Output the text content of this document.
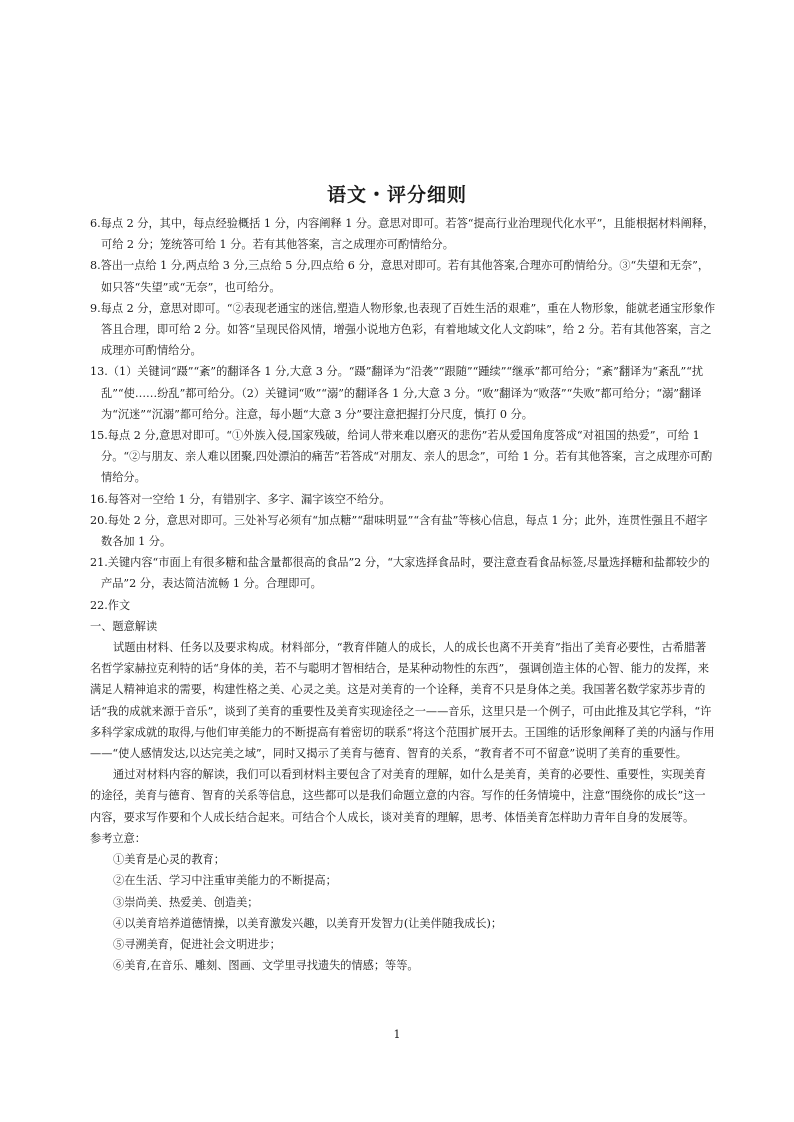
语文・评分细则

6.每点 2 分，其中，每点经验概括 1 分，内容阐释 1 分。意思对即可。若答“提高行业治理现代化水平”，且能根据材料阐释，可给 2 分；笼统答可给 1 分。若有其他答案，言之成理亦可酌情给分。

8.答出一点给 1 分,两点给 3 分,三点给 5 分,四点给 6 分，意思对即可。若有其他答案,合理亦可酌情给分。③“失望和无奈”，如只答“失望”或“无奈”，也可给分。

9.每点 2 分，意思对即可。“②表现老通宝的迷信,塑造人物形象,也表现了百姓生活的艰难”，重在人物形象，能就老通宝形象作答且合理，即可给 2 分。如答“呈现民俗风情，增强小说地方色彩，有着地域文化人文韵味”，给 2 分。若有其他答案，言之成理亦可酌情给分。

13.（1）关键词“蹑”“紊”的翻译各 1 分,大意 3 分。“蹑”翻译为“沿袭”“跟随”“踵续”“继承”都可给分；“紊”翻译为“紊乱”“扰乱”“使……纷乱”都可给分。（2）关键词“败”“溺”的翻译各 1 分,大意 3 分。“败”翻译为“败落”“失败”都可给分；“溺”翻译为“沉迷”“沉溺”都可给分。注意，每小题“大意 3 分”要注意把握打分尺度，慎打 0 分。

15.每点 2 分,意思对即可。“①外族入侵,国家残破，给词人带来难以磨灭的悲伤”若从爱国角度答成“对祖国的热爱”，可给 1 分。“②与朋友、亲人难以团聚,四处漂泊的痛苦”若答成“对朋友、亲人的思念”，可给 1 分。若有其他答案，言之成理亦可酌情给分。

16.每答对一空给 1 分，有错别字、多字、漏字该空不给分。

20.每处 2 分，意思对即可。三处补写必须有“加点糖”“甜味明显”“含有盐”等核心信息，每点 1 分；此外，连贯性强且不超字数各加 1 分。

21.关键内容“市面上有很多糖和盐含量都很高的食品”2 分，“大家选择食品时，要注意查看食品标签,尽量选择糖和盐都较少的产品”2 分，表达简洁流畅 1 分。合理即可。

22.作文

一、题意解读

试题由材料、任务以及要求构成。材料部分，“教育伴随人的成长，人的成长也离不开美育”指出了美育必要性，古希腊著名哲学家赫拉克利特的话“身体的美，若不与聪明才智相结合，是某种动物性的东西”， 强调创造主体的心智、能力的发挥，来满足人精神追求的需要，构建性格之美、心灵之美。这是对美育的一个诠释，美育不只是身体之美。我国著名数学家苏步青的话“我的成就来源于音乐”，谈到了美育的重要性及美育实现途径之一——音乐，这里只是一个例子，可由此推及其它学科，“许多科学家成就的取得,与他们审美能力的不断提高有着密切的联系”将这个范围扩展开去。王国维的话形象阐释了美的内涵与作用——“使人感情发达,以达完美之域”，同时又揭示了美育与德育、智育的关系，“教育者不可不留意”说明了美育的重要性。

通过对材料内容的解读，我们可以看到材料主要包含了对美育的理解，如什么是美育，美育的必要性、重要性，实现美育的途径，美育与德育、智育的关系等信息，这些都可以是我们命题立意的内容。写作的任务情境中，注意“围绕你的成长”这一内容，要求写作要和个人成长结合起来。可结合个人成长，谈对美育的理解，思考、体悟美育怎样助力青年自身的发展等。

参考立意：

①美育是心灵的教育；

②在生活、学习中注重审美能力的不断提高；

③崇尚美、热爱美、创造美；

④以美育培养道德情操，以美育激发兴趣，以美育开发智力(让美伴随我成长)；

⑤寻溯美育，促进社会文明进步；

⑥美育,在音乐、雕刻、图画、文学里寻找遗失的情感；等等。

1
